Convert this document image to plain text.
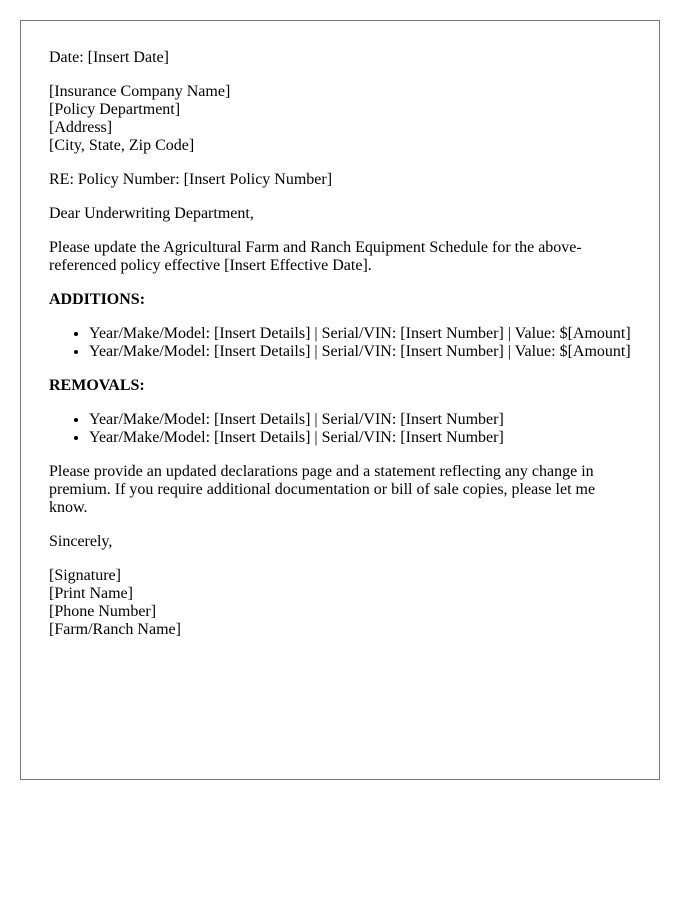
Date: [Insert Date]

[Insurance Company Name]
[Policy Department]
[Address]
[City, State, Zip Code]

RE: Policy Number: [Insert Policy Number]

Dear Underwriting Department,

Please update the Agricultural Farm and Ranch Equipment Schedule for the above-referenced policy effective [Insert Effective Date].

ADDITIONS:

• Year/Make/Model: [Insert Details] | Serial/VIN: [Insert Number] | Value: $[Amount]
• Year/Make/Model: [Insert Details] | Serial/VIN: [Insert Number] | Value: $[Amount]

REMOVALS:

• Year/Make/Model: [Insert Details] | Serial/VIN: [Insert Number]
• Year/Make/Model: [Insert Details] | Serial/VIN: [Insert Number]

Please provide an updated declarations page and a statement reflecting any change in premium. If you require additional documentation or bill of sale copies, please let me know.

Sincerely,

[Signature]
[Print Name]
[Phone Number]
[Farm/Ranch Name]
